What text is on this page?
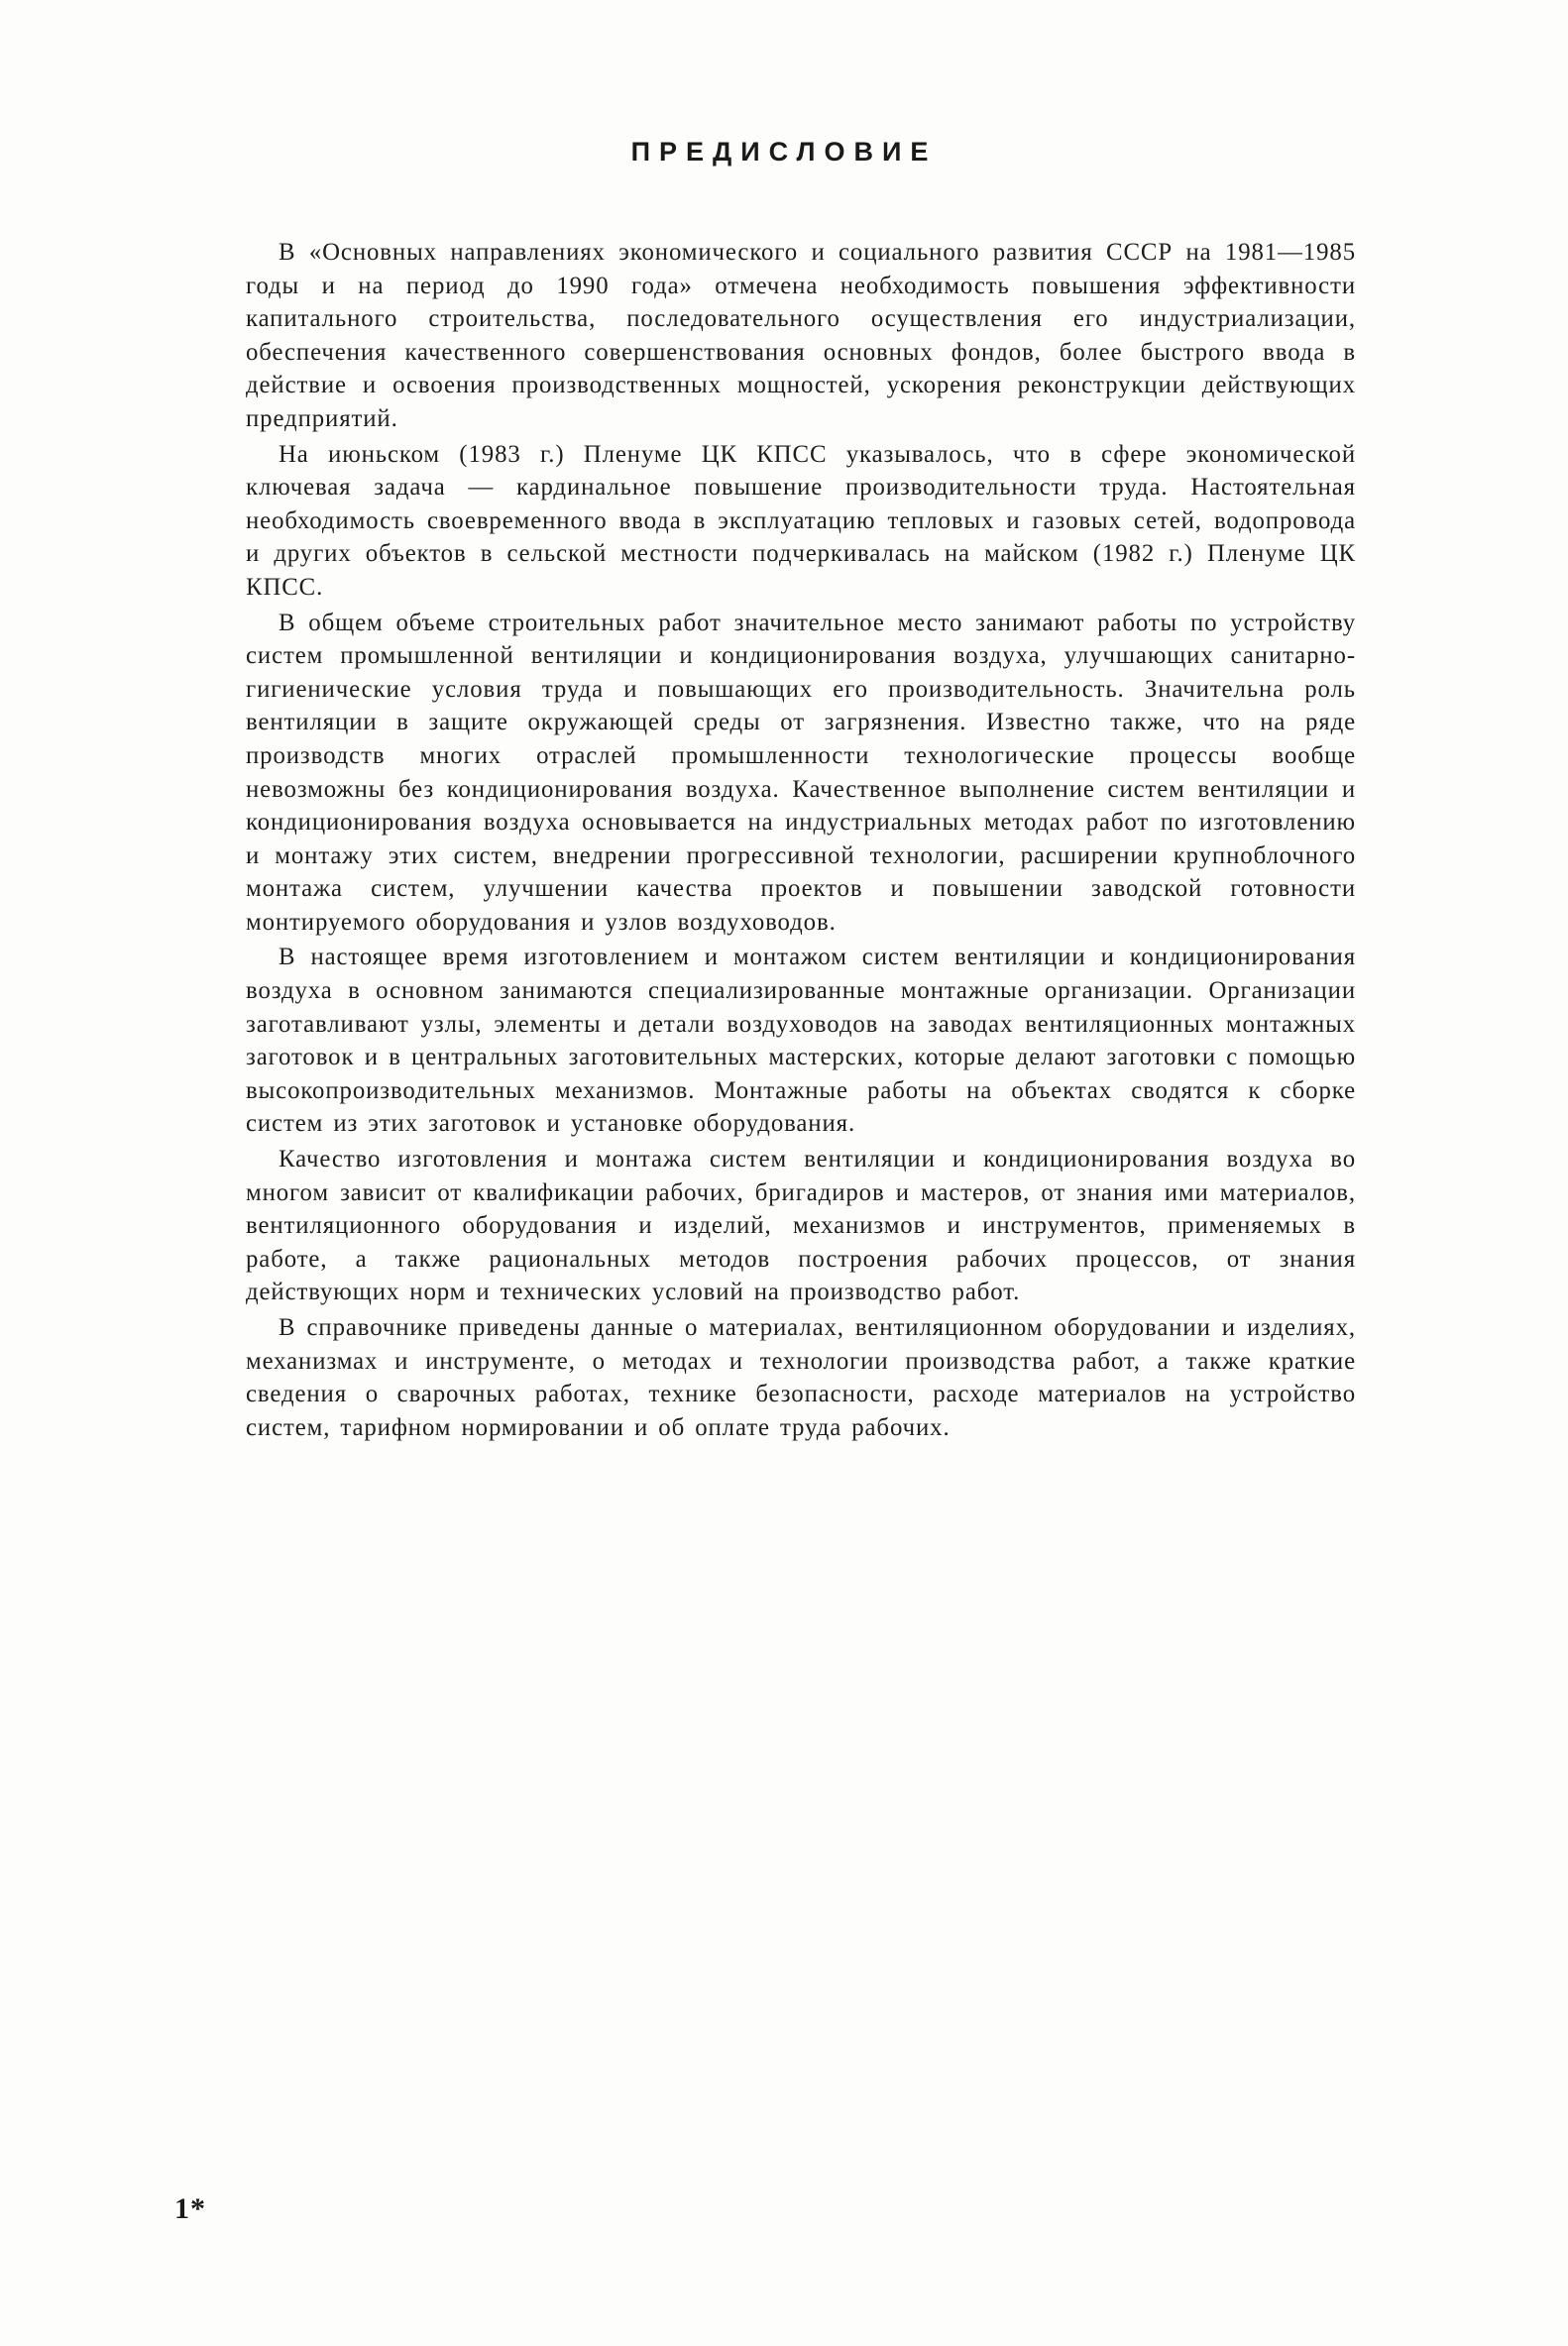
ПРЕДИСЛОВИЕ

В «Основных направлениях экономического и социального развития СССР на 1981—1985 годы и на период до 1990 года» отмечена необходимость повышения эффективности капитального строительства, последовательного осуществления его индустриализации, обеспечения качественного совершенствования основных фондов, более быстрого ввода в действие и освоения производственных мощностей, ускорения реконструкции действующих предприятий.

На июньском (1983 г.) Пленуме ЦК КПСС указывалось, что в сфере экономической ключевая задача — кардинальное повышение производительности труда. Настоятельная необходимость своевременного ввода в эксплуатацию тепловых и газовых сетей, водопровода и других объектов в сельской местности подчеркивалась на майском (1982 г.) Пленуме ЦК КПСС.

В общем объеме строительных работ значительное место занимают работы по устройству систем промышленной вентиляции и кондиционирования воздуха, улучшающих санитарно-гигиенические условия труда и повышающих его производительность. Значительна роль вентиляции в защите окружающей среды от загрязнения. Известно также, что на ряде производств многих отраслей промышленности технологические процессы вообще невозможны без кондиционирования воздуха. Качественное выполнение систем вентиляции и кондиционирования воздуха основывается на индустриальных методах работ по изготовлению и монтажу этих систем, внедрении прогрессивной технологии, расширении крупноблочного монтажа систем, улучшении качества проектов и повышении заводской готовности монтируемого оборудования и узлов воздуховодов.

В настоящее время изготовлением и монтажом систем вентиляции и кондиционирования воздуха в основном занимаются специализированные монтажные организации. Организации заготавливают узлы, элементы и детали воздуховодов на заводах вентиляционных монтажных заготовок и в центральных заготовительных мастерских, которые делают заготовки с помощью высокопроизводительных механизмов. Монтажные работы на объектах сводятся к сборке систем из этих заготовок и установке оборудования.

Качество изготовления и монтажа систем вентиляции и кондиционирования воздуха во многом зависит от квалификации рабочих, бригадиров и мастеров, от знания ими материалов, вентиляционного оборудования и изделий, механизмов и инструментов, применяемых в работе, а также рациональных методов построения рабочих процессов, от знания действующих норм и технических условий на производство работ.

В справочнике приведены данные о материалах, вентиляционном оборудовании и изделиях, механизмах и инструменте, о методах и технологии производства работ, а также краткие сведения о сварочных работах, технике безопасности, расходе материалов на устройство систем, тарифном нормировании и об оплате труда рабочих.

1*
